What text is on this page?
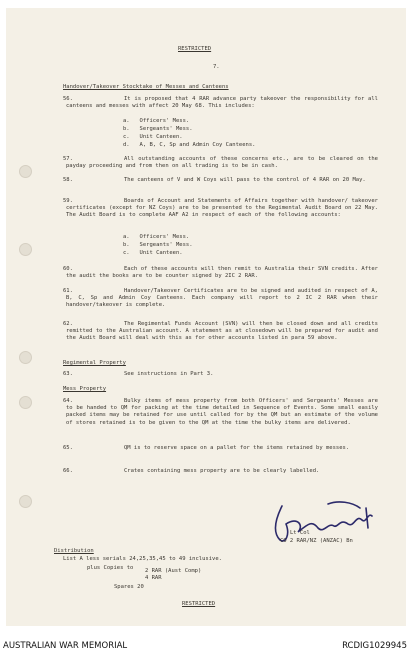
RESTRICTED
7.
Handover/Takeover Stocktake of Messes and Canteens
56.	It is proposed that 4 RAR advance party takeover the responsibility for all canteens and messes with affect 20 May 68. This includes:
a.   Officers' Mess.
b.   Sergeants' Mess.
c.   Unit Canteen.
d.   A, B, C, Sp and Admin Coy Canteens.
57.	All outstanding accounts of these concerns etc., are to be cleared on the payday proceeding and from then on all trading is to be in cash.
58.	The canteens of V and W Coys will pass to the control of 4 RAR on 20 May.
59.	Boards of Account and Statements of Affairs together with handover/ takeover certificates (except for NZ Coys) are to be presented to the Regimental Audit Board on 22 May. The Audit Board is to complete AAF A2 in respect of each of the following accounts:
a.   Officers' Mess.
b.   Sergeants' Mess.
c.   Unit Canteen.
60.	Each of these accounts will then remit to Australia their SVN credits. After the audit the books are to be counter signed by 2IC 2 RAR.
61.	Handover/Takeover Certificates are to be signed and audited in respect of A, B, C, Sp and Admin Coy Canteens. Each company will report to 2 IC 2 RAR when their handover/takeover is complete.
62.	The Regimental Funds Account (SVN) will then be closed down and all credits remitted to the Australian account. A statement as at closedown will be prepared for audit and the Audit Board will deal with this as for other accounts listed in para 59 above.
Regimental Property
63.	See instructions in Part 3.
Mess Property
64.	Bulky items of mess property from both Officers' and Sergeants' Messes are to be handed to QM for packing at the time detailed in Sequence of Events. Some small easily packed items may be retained for use until called for by the QM but an estimate of the volume of stores retained is to be given to the QM at the time the bulky items are delivered.
65.	QM is to reserve space on a pallet for the items retained by messes.
66.	Crates containing mess property are to be clearly labelled.
Lt Col
CO 2 RAR/NZ (ANZAC) Bn
Distribution
List A less serials 24,25,35,45 to 49 inclusive.
plus Copies to 2 RAR (Aust Comp)
4 RAR
Spares 20
RESTRICTED
AUSTRALIAN WAR MEMORIAL	RCDIG1029945
